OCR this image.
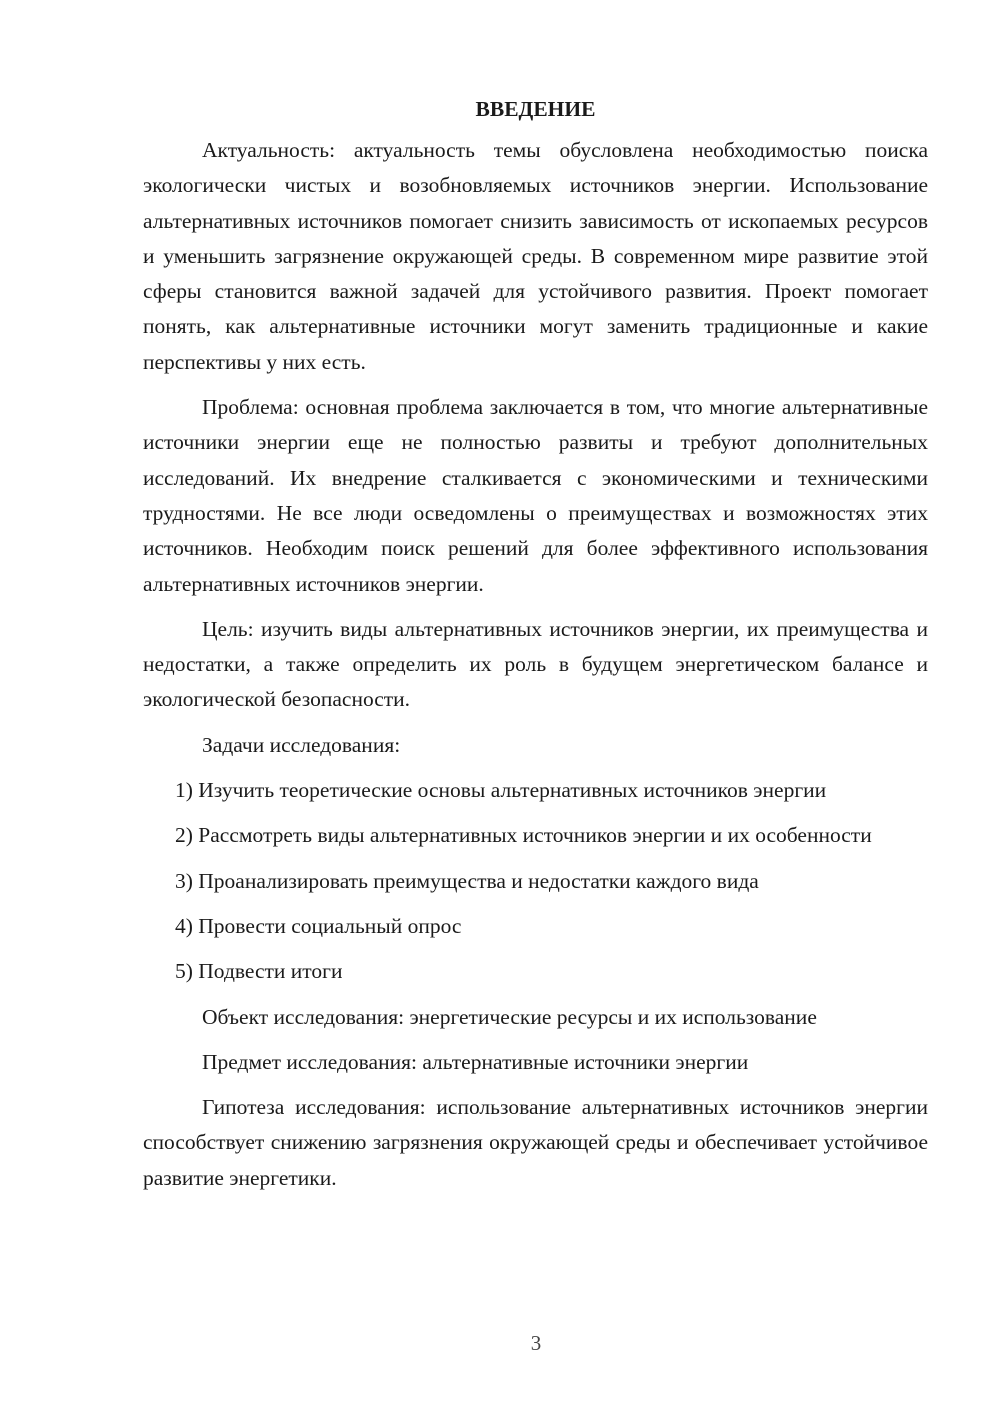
ВВЕДЕНИЕ

Актуальность: актуальность темы обусловлена необходимостью поиска экологически чистых и возобновляемых источников энергии. Использование альтернативных источников помогает снизить зависимость от ископаемых ресурсов и уменьшить загрязнение окружающей среды. В современном мире развитие этой сферы становится важной задачей для устойчивого развития. Проект помогает понять, как альтернативные источники могут заменить традиционные и какие перспективы у них есть.

Проблема: основная проблема заключается в том, что многие альтернативные источники энергии еще не полностью развиты и требуют дополнительных исследований. Их внедрение сталкивается с экономическими и техническими трудностями. Не все люди осведомлены о преимуществах и возможностях этих источников. Необходим поиск решений для более эффективного использования альтернативных источников энергии.

Цель: изучить виды альтернативных источников энергии, их преимущества и недостатки, а также определить их роль в будущем энергетическом балансе и экологической безопасности.

Задачи исследования:

1) Изучить теоретические основы альтернативных источников энергии

2) Рассмотреть виды альтернативных источников энергии и их особенности

3) Проанализировать преимущества и недостатки каждого вида

4) Провести социальный опрос

5) Подвести итоги

Объект исследования: энергетические ресурсы и их использование

Предмет исследования: альтернативные источники энергии

Гипотеза исследования: использование альтернативных источников энергии способствует снижению загрязнения окружающей среды и обеспечивает устойчивое развитие энергетики.

3
